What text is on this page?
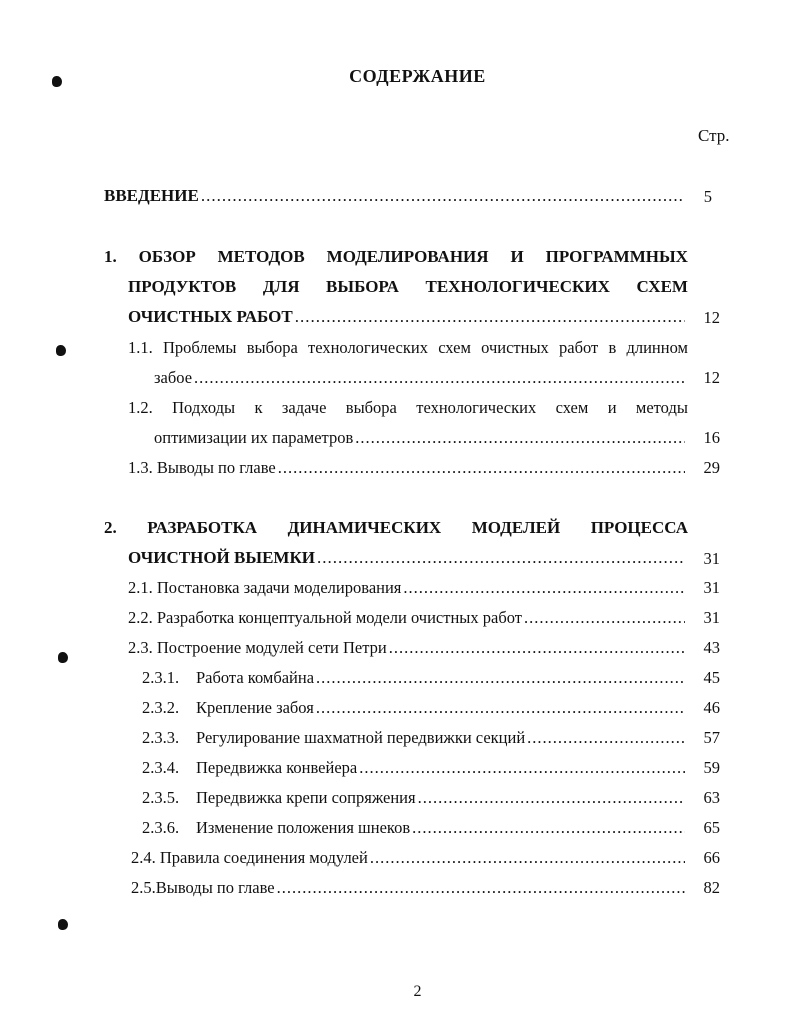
СОДЕРЖАНИЕ
Стр.
ВВЕДЕНИЕ .....	5
1. ОБЗОР МЕТОДОВ МОДЕЛИРОВАНИЯ И ПРОГРАММНЫХ
ПРОДУКТОВ ДЛЯ ВЫБОРА ТЕХНОЛОГИЧЕСКИХ СХЕМ
ОЧИСТНЫХ РАБОТ .....	12
1.1. Проблемы выбора технологических схем очистных работ в длинном
забое .....	12
1.2. Подходы к задаче выбора технологических схем и методы
оптимизации их параметров .....	16
1.3. Выводы по главе .....	29
2. РАЗРАБОТКА ДИНАМИЧЕСКИХ МОДЕЛЕЙ ПРОЦЕССА
ОЧИСТНОЙ ВЫЕМКИ .....	31
2.1. Постановка задачи моделирования .....	31
2.2. Разработка концептуальной модели очистных работ .....	31
2.3. Построение модулей сети Петри .....	43
2.3.1.	Работа комбайна .....	45
2.3.2.	Крепление забоя .....	46
2.3.3.	Регулирование шахматной передвижки секций .....	57
2.3.4.	Передвижка конвейера .....	59
2.3.5.	Передвижка крепи сопряжения .....	63
2.3.6.	Изменение положения шнеков .....	65
2.4. Правила соединения модулей .....	66
2.5.Выводы по главе .....	82
2
